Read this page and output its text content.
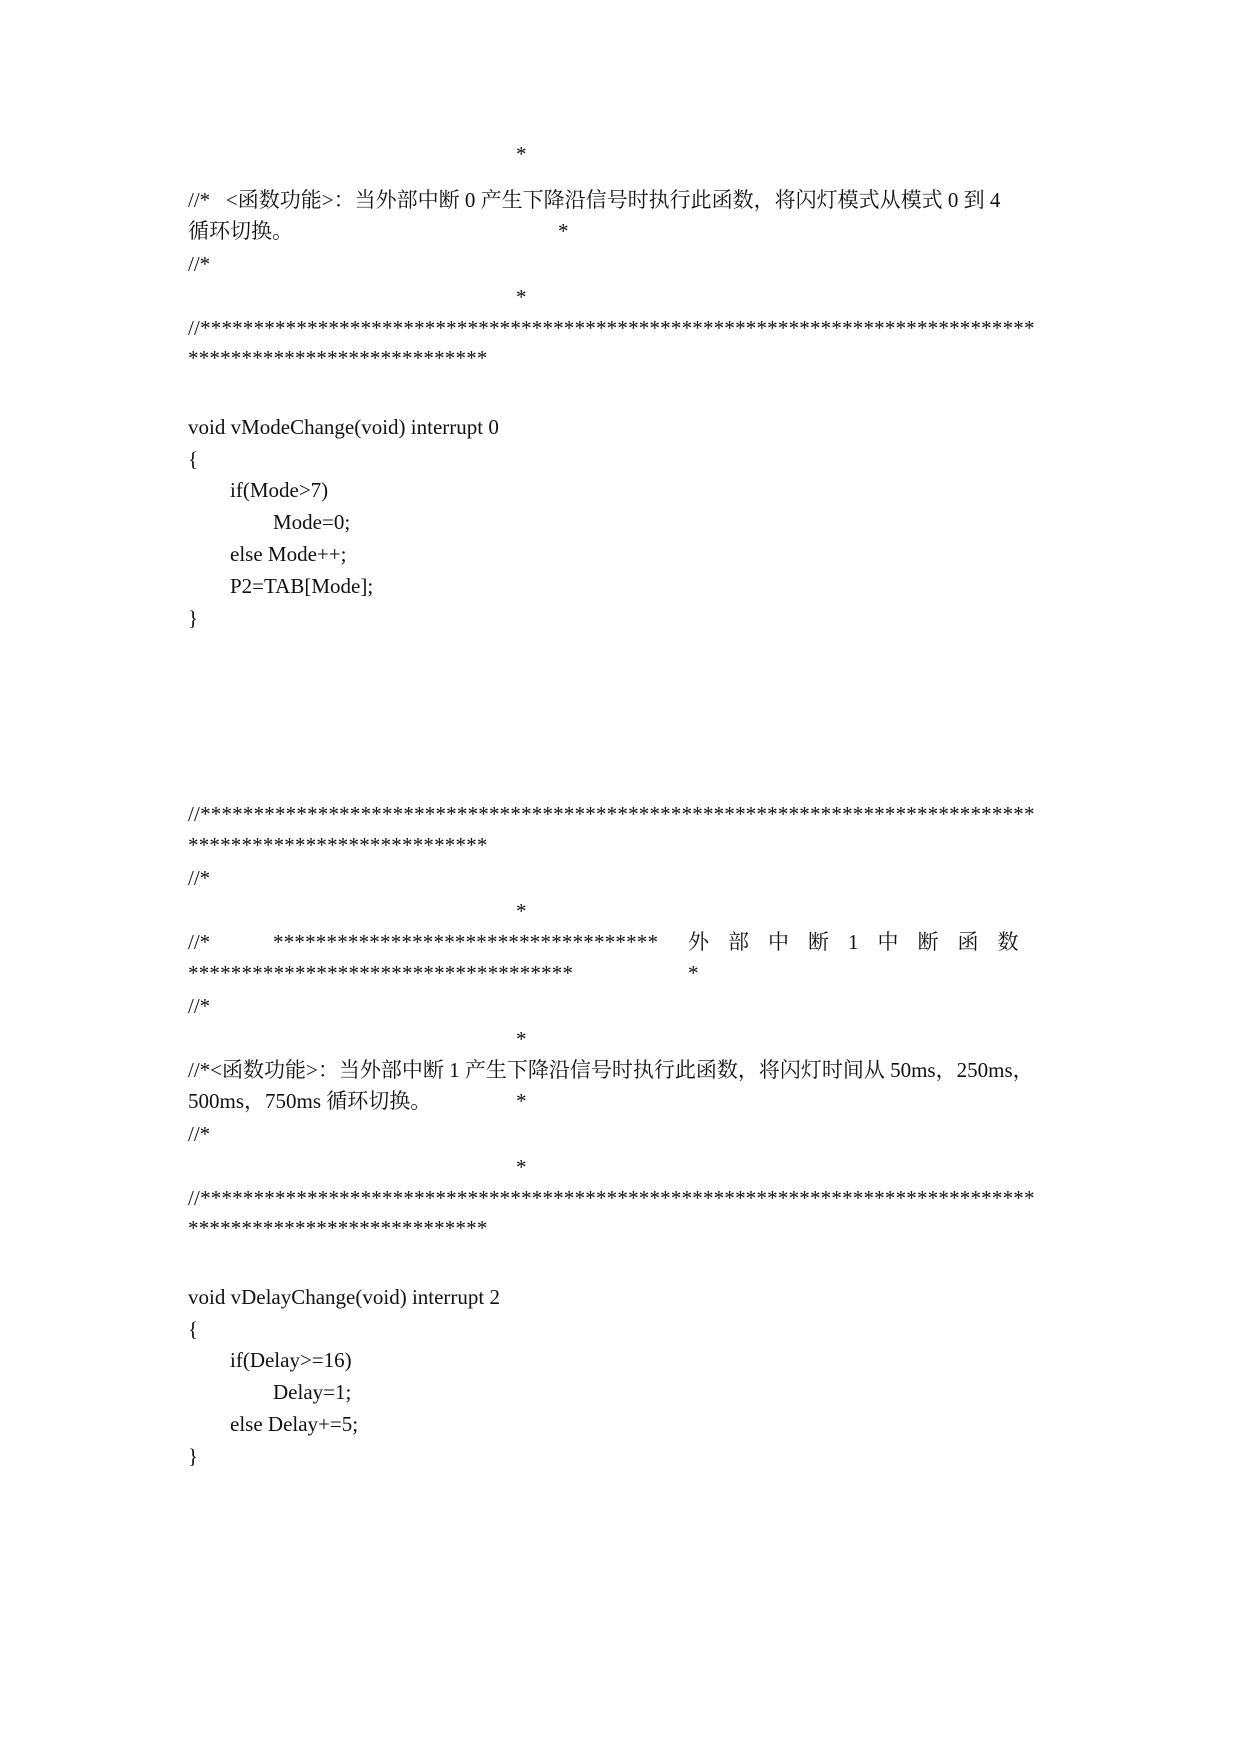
*
//*   <函数功能>：当外部中断 0 产生下降沿信号时执行此函数，将闪灯模式从模式 0 到 4
循环切换。	*
//*
*
//******************************************************************************
****************************
void vModeChange(void) interrupt 0
{
if(Mode>7)
Mode=0;
else Mode++;
P2=TAB[Mode];
}
//******************************************************************************
****************************
//*
*
//*	************************************ 外部中断1中断函数
************************************	*
//*
*
//*<函数功能>：当外部中断 1 产生下降沿信号时执行此函数，将闪灯时间从 50ms，250ms，
500ms，750ms 循环切换。	*
//*
*
//******************************************************************************
****************************
void vDelayChange(void) interrupt 2
{
if(Delay>=16)
Delay=1;
else Delay+=5;
}
